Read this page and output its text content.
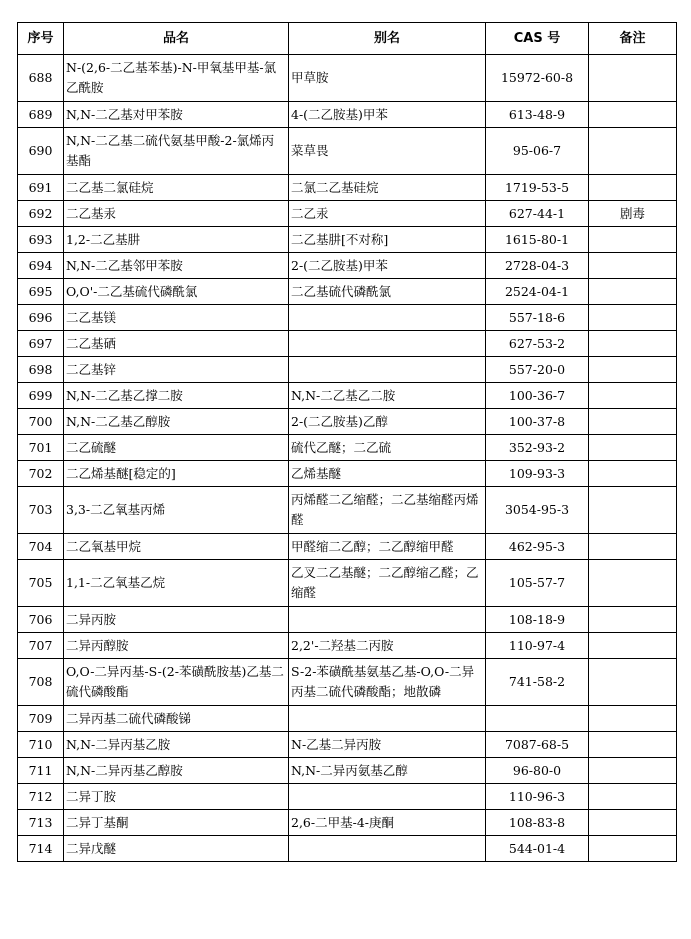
序号	品名	别名	CAS 号	备注
688	N-(2,6-二乙基苯基)-N-甲氧基甲基-氯乙酰胺	甲草胺	15972-60-8	
689	N,N-二乙基对甲苯胺	4-(二乙胺基)甲苯	613-48-9	
690	N,N-二乙基二硫代氨基甲酸-2-氯烯丙基酯	菜草畏	95-06-7	
691	二乙基二氯硅烷	二氯二乙基硅烷	1719-53-5	
692	二乙基汞	二乙汞	627-44-1	剧毒
693	1,2-二乙基肼	二乙基肼[不对称]	1615-80-1	
694	N,N-二乙基邻甲苯胺	2-(二乙胺基)甲苯	2728-04-3	
695	O,O'-二乙基硫代磷酰氯	二乙基硫代磷酰氯	2524-04-1	
696	二乙基镁		557-18-6	
697	二乙基硒		627-53-2	
698	二乙基锌		557-20-0	
699	N,N-二乙基乙撑二胺	N,N-二乙基乙二胺	100-36-7	
700	N,N-二乙基乙醇胺	2-(二乙胺基)乙醇	100-37-8	
701	二乙硫醚	硫代乙醚；二乙硫	352-93-2	
702	二乙烯基醚[稳定的]	乙烯基醚	109-93-3	
703	3,3-二乙氧基丙烯	丙烯醛二乙缩醛；二乙基缩醛丙烯醛	3054-95-3	
704	二乙氧基甲烷	甲醛缩二乙醇；二乙醇缩甲醛	462-95-3	
705	1,1-二乙氧基乙烷	乙叉二乙基醚；二乙醇缩乙醛；乙缩醛	105-57-7	
706	二异丙胺		108-18-9	
707	二异丙醇胺	2,2'-二羟基二丙胺	110-97-4	
708	O,O-二异丙基-S-(2-苯磺酰胺基)乙基二硫代磷酸酯	S-2-苯磺酰基氨基乙基-O,O-二异丙基二硫代磷酸酯；地散磷	741-58-2	
709	二异丙基二硫代磷酸锑			
710	N,N-二异丙基乙胺	N-乙基二异丙胺	7087-68-5	
711	N,N-二异丙基乙醇胺	N,N-二异丙氨基乙醇	96-80-0	
712	二异丁胺		110-96-3	
713	二异丁基酮	2,6-二甲基-4-庚酮	108-83-8	
714	二异戊醚		544-01-4	
